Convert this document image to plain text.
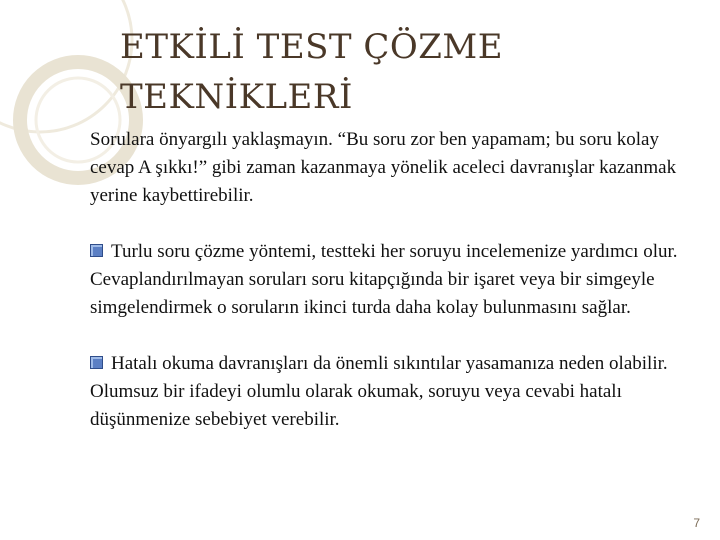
ETKİLİ TEST ÇÖZME
TEKNİKLERİ

Sorulara önyargılı yaklaşmayın. “Bu soru zor ben yapamam; bu soru kolay cevap A şıkkı!” gibi zaman kazanmaya yönelik aceleci davranışlar kazanmak yerine kaybettirebilir.

Turlu soru çözme yöntemi, testteki her soruyu incelemenize yardımcı olur. Cevaplandırılmayan soruları soru kitapçığında bir işaret veya bir simgeyle simgelendirmek o soruların ikinci turda daha kolay bulunmasını sağlar.

Hatalı okuma davranışları da önemli sıkıntılar yasamanıza neden olabilir. Olumsuz bir ifadeyi olumlu olarak okumak, soruyu veya cevabi hatalı düşünmenize sebebiyet verebilir.

7
